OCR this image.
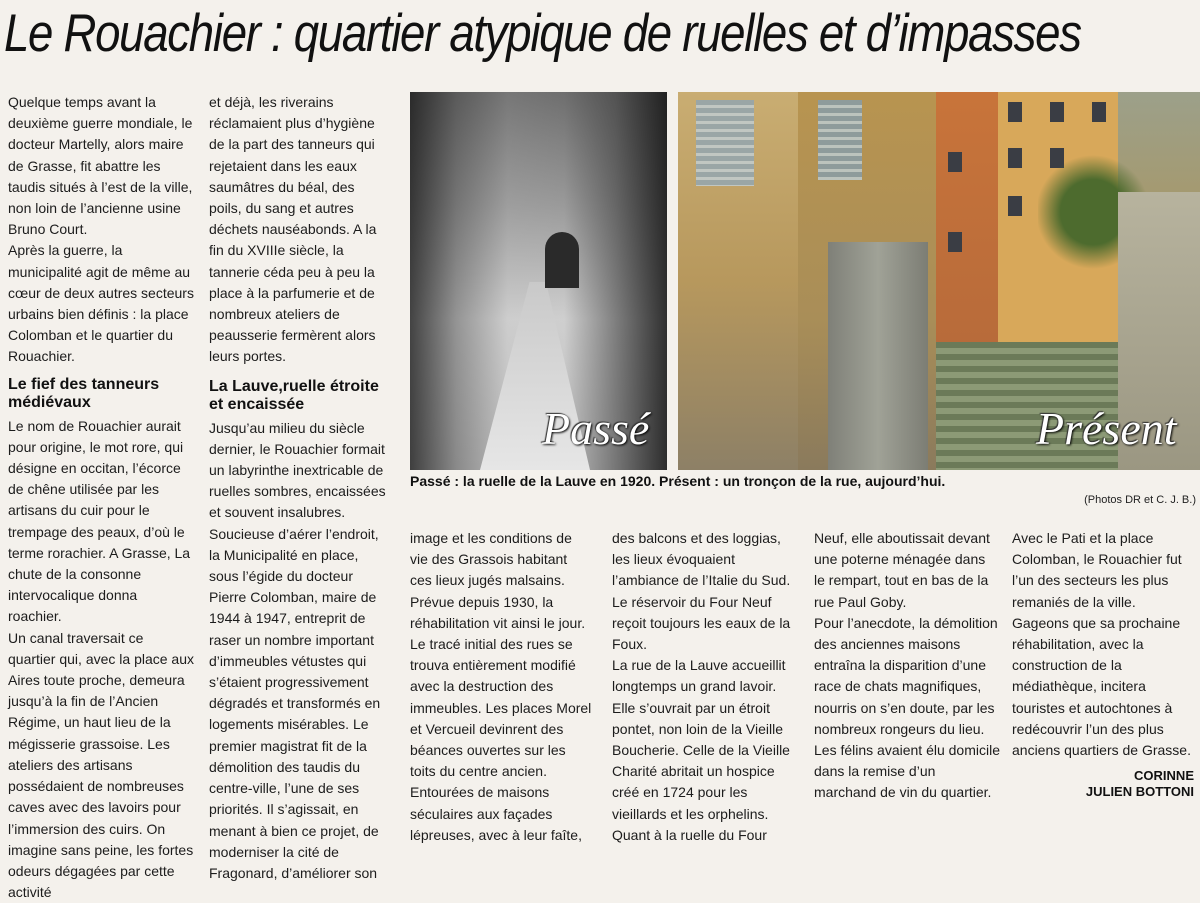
Le Rouachier : quartier atypique de ruelles et d’impasses

Quelque temps avant la deuxième guerre mondiale, le docteur Martelly, alors maire de Grasse, fit abattre les taudis situés à l’est de la ville, non loin de l’ancienne usine Bruno Court.

Après la guerre, la municipalité agit de même au cœur de deux autres secteurs urbains bien définis : la place Colomban et le quartier du Rouachier.

Le fief des tanneurs médiévaux

Le nom de Rouachier aurait pour origine, le mot rore, qui désigne en occitan, l’écorce de chêne utilisée par les artisans du cuir pour le trempage des peaux, d’où le terme rorachier. A Grasse, La chute de la consonne intervocalique donna roachier.

Un canal traversait ce quartier qui, avec la place aux Aires toute proche, demeura jusqu’à la fin de l’Ancien Régime, un haut lieu de la mégisserie grassoise. Les ateliers des artisans possédaient de nombreuses caves avec des lavoirs pour l’immersion des cuirs. On imagine sans peine, les fortes odeurs dégagées par cette activité

et déjà, les riverains réclamaient plus d’hygiène de la part des tanneurs qui rejetaient dans les eaux saumâtres du béal, des poils, du sang et autres déchets nauséabonds. A la fin du XVIIIe siècle, la tannerie céda peu à peu la place à la parfumerie et de nombreux ateliers de peausserie fermèrent alors leurs portes.

La Lauve,ruelle étroite et encaissée

Jusqu’au milieu du siècle dernier, le Rouachier formait un labyrinthe inextricable de ruelles sombres, encaissées et souvent insalubres. Soucieuse d’aérer l’endroit, la Municipalité en place, sous l’égide du docteur Pierre Colomban, maire de 1944 à 1947, entreprit de raser un nombre important d’immeubles vétustes qui s’étaient progressivement dégradés et transformés en logements misérables. Le premier magistrat fit de la démolition des taudis du centre-ville, l’une de ses priorités. Il s’agissait, en menant à bien ce projet, de moderniser la cité de Fragonard, d’améliorer son

Passé	Présent
Passé : la ruelle de la Lauve en 1920. Présent : un tronçon de la rue, aujourd’hui.
(Photos DR et C. J. B.)

image et les conditions de vie des Grassois habitant ces lieux jugés malsains.

Prévue depuis 1930, la réhabilitation vit ainsi le jour. Le tracé initial des rues se trouva entièrement modifié avec la destruction des immeubles. Les places Morel et Vercueil devinrent des béances ouvertes sur les toits du centre ancien.

Entourées de maisons séculaires aux façades lépreuses, avec à leur faîte,

des balcons et des loggias, les lieux évoquaient l’ambiance de l’Italie du Sud. Le réservoir du Four Neuf reçoit toujours les eaux de la Foux.

La rue de la Lauve accueillit longtemps un grand lavoir. Elle s’ouvrait par un étroit pontet, non loin de la Vieille Boucherie. Celle de la Vieille Charité abritait un hospice créé en 1724 pour les vieillards et les orphelins.

Quant à la ruelle du Four

Neuf, elle aboutissait devant une poterne ménagée dans le rempart, tout en bas de la rue Paul Goby.

Pour l’anecdote, la démolition des anciennes maisons entraîna la disparition d’une race de chats magnifiques, nourris on s’en doute, par les nombreux rongeurs du lieu.

Les félins avaient élu domicile dans la remise d’un marchand de vin du quartier.

Avec le Pati et la place Colomban, le Rouachier fut l’un des secteurs les plus remaniés de la ville.

Gageons que sa prochaine réhabilitation, avec la construction de la médiathèque, incitera touristes et autochtones à redécouvrir l’un des plus anciens quartiers de Grasse.

CORINNE
JULIEN BOTTONI
